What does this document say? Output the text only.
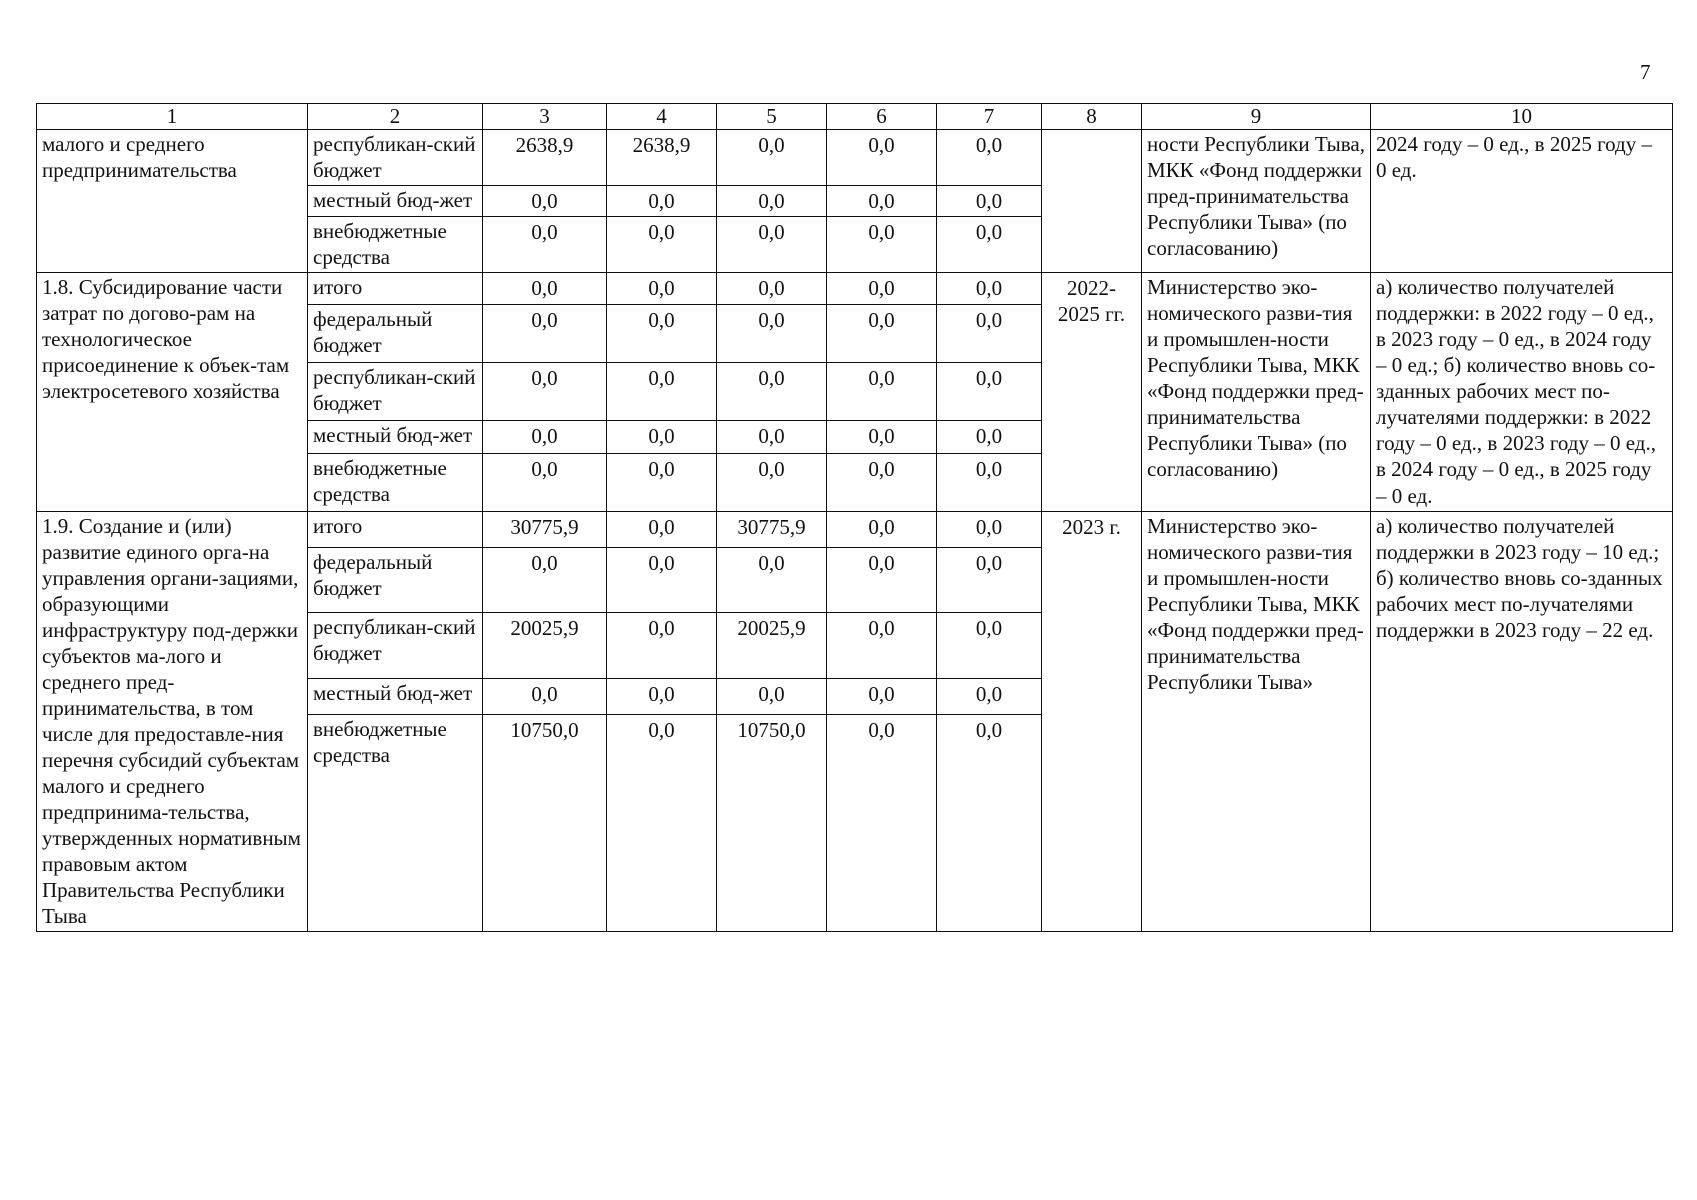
7
1	2	3	4	5	6	7	8	9	10
малого и среднего предпринимательства	республикан-ский бюджет	2638,9	2638,9	0,0	0,0	0,0		ности Республики Тыва, МКК «Фонд поддержки пред-принимательства Республики Тыва» (по согласованию)	2024 году – 0 ед., в 2025 году – 0 ед.
	местный бюд-жет	0,0	0,0	0,0	0,0	0,0			
	внебюджетные средства	0,0	0,0	0,0	0,0	0,0			
1.8. Субсидирование части затрат по догово-рам на технологическое присоединение к объек-там электросетевого хозяйства	итого	0,0	0,0	0,0	0,0	0,0	2022-2025 гг.	Министерство эко-номического разви-тия и промышлен-ности Республики Тыва, МКК «Фонд поддержки пред-принимательства Республики Тыва» (по согласованию)	а) количество получателей поддержки: в 2022 году – 0 ед., в 2023 году – 0 ед., в 2024 году – 0 ед.; б) количество вновь со-зданных рабочих мест по-лучателями поддержки: в 2022 году – 0 ед., в 2023 году – 0 ед., в 2024 году – 0 ед., в 2025 году – 0 ед.
	федеральный бюджет	0,0	0,0	0,0	0,0	0,0			
	республикан-ский бюджет	0,0	0,0	0,0	0,0	0,0			
	местный бюд-жет	0,0	0,0	0,0	0,0	0,0			
	внебюджетные средства	0,0	0,0	0,0	0,0	0,0			
1.9. Создание и (или) развитие единого орга-на управления органи-зациями, образующими инфраструктуру под-держки субъектов ма-лого и среднего пред-принимательства, в том числе для предоставле-ния перечня субсидий субъектам малого и среднего предпринима-тельства, утвержденных нормативным правовым актом Правительства Республики Тыва	итого	30775,9	0,0	30775,9	0,0	0,0	2023 г.	Министерство эко-номического разви-тия и промышлен-ности Республики Тыва, МКК «Фонд поддержки пред-принимательства Республики Тыва»	а) количество получателей поддержки в 2023 году – 10 ед.; б) количество вновь со-зданных рабочих мест по-лучателями поддержки в 2023 году – 22 ед.
	федеральный бюджет	0,0	0,0	0,0	0,0	0,0			
	республикан-ский бюджет	20025,9	0,0	20025,9	0,0	0,0			
	местный бюд-жет	0,0	0,0	0,0	0,0	0,0			
	внебюджетные средства	10750,0	0,0	10750,0	0,0	0,0			
